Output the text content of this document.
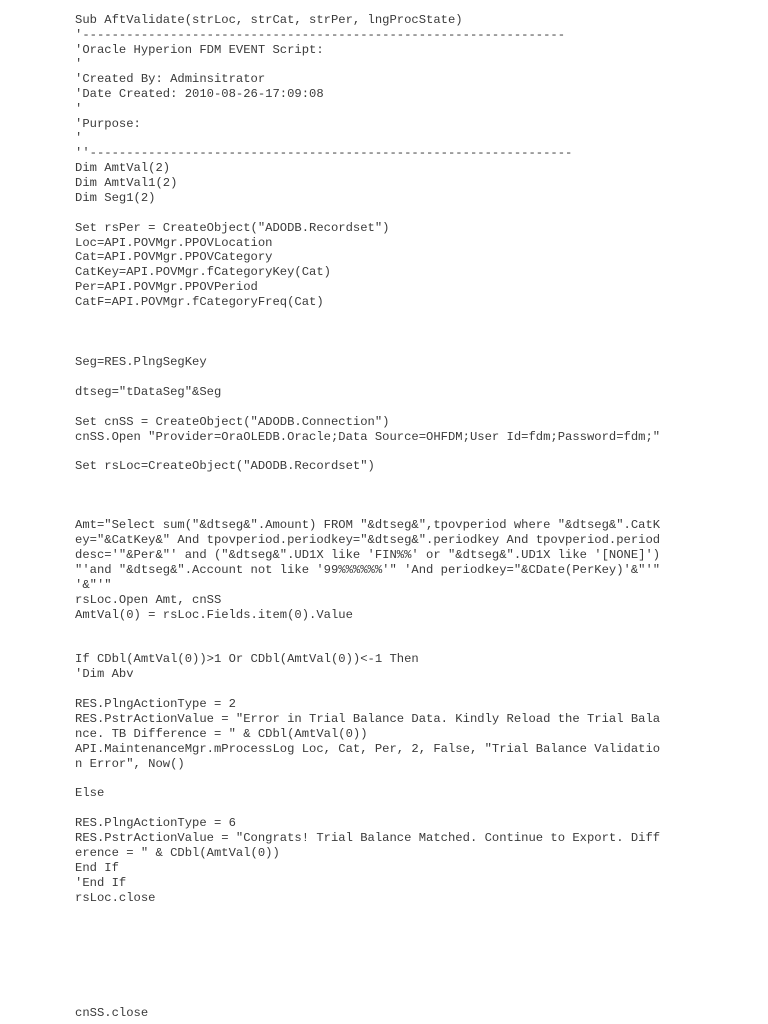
Sub AftValidate(strLoc, strCat, strPer, lngProcState)
'------------------------------------------------------------------
'Oracle Hyperion FDM EVENT Script:
'
'Created By: Adminsitrator
'Date Created: 2010-08-26-17:09:08
'
'Purpose:
'
''------------------------------------------------------------------
Dim AmtVal(2)
Dim AmtVal1(2)
Dim Seg1(2)
Set rsPer = CreateObject("ADODB.Recordset")
Loc=API.POVMgr.PPOVLocation
Cat=API.POVMgr.PPOVCategory
CatKey=API.POVMgr.fCategoryKey(Cat)
Per=API.POVMgr.PPOVPeriod
CatF=API.POVMgr.fCategoryFreq(Cat)
Seg=RES.PlngSegKey
dtseg="tDataSeg"&Seg
Set cnSS = CreateObject("ADODB.Connection")
cnSS.Open "Provider=OraOLEDB.Oracle;Data Source=OHFDM;User Id=fdm;Password=fdm;"
Set rsLoc=CreateObject("ADODB.Recordset")
Amt="Select sum("&dtseg&".Amount) FROM "&dtseg&",tpovperiod where "&dtseg&".CatK
ey="&CatKey&" And tpovperiod.periodkey="&dtseg&".periodkey And tpovperiod.period
desc='"&Per&"' and ("&dtseg&".UD1X like 'FIN%%' or "&dtseg&".UD1X like '[NONE]')
"'and "&dtseg&".Account not like '99%%%%%%'" 'And periodkey="&CDate(PerKey)'&"'"
'&"'"
rsLoc.Open Amt, cnSS
AmtVal(0) = rsLoc.Fields.item(0).Value
If CDbl(AmtVal(0))>1 Or CDbl(AmtVal(0))<-1 Then
'Dim Abv
RES.PlngActionType = 2
RES.PstrActionValue = "Error in Trial Balance Data. Kindly Reload the Trial Bala
nce. TB Difference = " & CDbl(AmtVal(0))
API.MaintenanceMgr.mProcessLog Loc, Cat, Per, 2, False, "Trial Balance Validatio
n Error", Now()
Else
RES.PlngActionType = 6
RES.PstrActionValue = "Congrats! Trial Balance Matched. Continue to Export. Diff
erence = " & CDbl(AmtVal(0))
End If
'End If
rsLoc.close
cnSS.close
